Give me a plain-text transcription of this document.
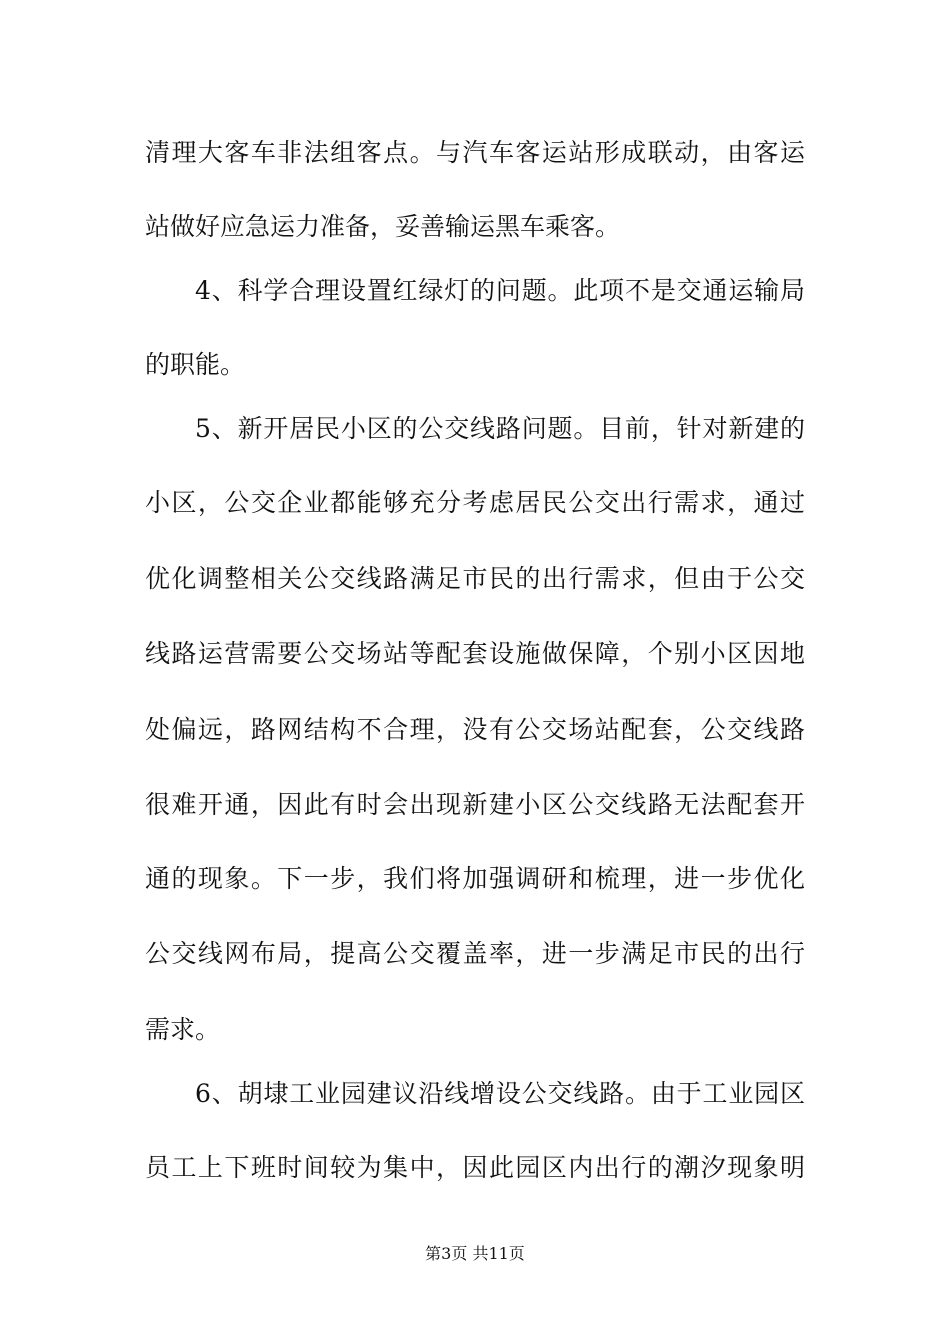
清理大客车非法组客点。与汽车客运站形成联动，由客运
站做好应急运力准备，妥善输运黑车乘客。
4、科学合理设置红绿灯的问题。此项不是交通运输局
的职能。
5、新开居民小区的公交线路问题。目前，针对新建的
小区，公交企业都能够充分考虑居民公交出行需求，通过
优化调整相关公交线路满足市民的出行需求，但由于公交
线路运营需要公交场站等配套设施做保障，个别小区因地
处偏远，路网结构不合理，没有公交场站配套，公交线路
很难开通，因此有时会出现新建小区公交线路无法配套开
通的现象。下一步，我们将加强调研和梳理，进一步优化
公交线网布局，提高公交覆盖率，进一步满足市民的出行
需求。
6、胡埭工业园建议沿线增设公交线路。由于工业园区
员工上下班时间较为集中，因此园区内出行的潮汐现象明
第3页 共11页
